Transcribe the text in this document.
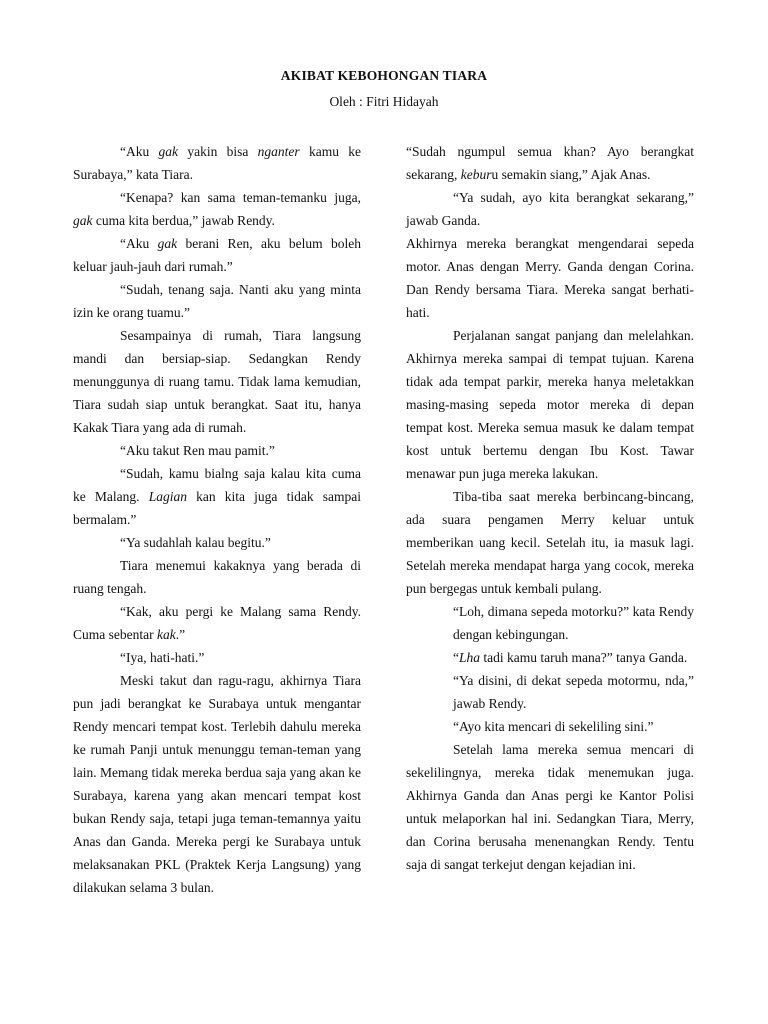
AKIBAT KEBOHONGAN TIARA
Oleh : Fitri Hidayah

“Aku gak yakin bisa nganter kamu ke Surabaya,” kata Tiara.

“Kenapa? kan sama teman-temanku juga, gak cuma kita berdua,” jawab Rendy.

“Aku gak berani Ren, aku belum boleh keluar jauh-jauh dari rumah.”

“Sudah, tenang saja. Nanti aku yang minta izin ke orang tuamu.”

Sesampainya di rumah, Tiara langsung mandi dan bersiap-siap. Sedangkan Rendy menunggunya di ruang tamu. Tidak lama kemudian, Tiara sudah siap untuk berangkat. Saat itu, hanya Kakak Tiara yang ada di rumah.

“Aku takut Ren mau pamit.”

“Sudah, kamu bialng saja kalau kita cuma ke Malang. Lagian kan kita juga tidak sampai bermalam.”

“Ya sudahlah kalau begitu.”

Tiara menemui kakaknya yang berada di ruang tengah.

“Kak, aku pergi ke Malang sama Rendy. Cuma sebentar kak.”

“Iya, hati-hati.”

Meski takut dan ragu-ragu, akhirnya Tiara pun jadi berangkat ke Surabaya untuk mengantar Rendy mencari tempat kost. Terlebih dahulu mereka ke rumah Panji untuk menunggu teman-teman yang lain. Memang tidak mereka berdua saja yang akan ke Surabaya, karena yang akan mencari tempat kost bukan Rendy saja, tetapi juga teman-temannya yaitu Anas dan Ganda. Mereka pergi ke Surabaya untuk melaksanakan PKL (Praktek Kerja Langsung) yang dilakukan selama 3 bulan.

“Sudah ngumpul semua khan? Ayo berangkat sekarang, keburu semakin siang,” Ajak Anas.

“Ya sudah, ayo kita berangkat sekarang,” jawab Ganda.

Akhirnya mereka berangkat mengendarai sepeda motor. Anas dengan Merry. Ganda dengan Corina. Dan Rendy bersama Tiara. Mereka sangat berhati-hati.

Perjalanan sangat panjang dan melelahkan. Akhirnya mereka sampai di tempat tujuan. Karena tidak ada tempat parkir, mereka hanya meletakkan masing-masing sepeda motor mereka di depan tempat kost. Mereka semua masuk ke dalam tempat kost untuk bertemu dengan Ibu Kost. Tawar menawar pun juga mereka lakukan.

Tiba-tiba saat mereka berbincang-bincang, ada suara pengamen Merry keluar untuk memberikan uang kecil. Setelah itu, ia masuk lagi. Setelah mereka mendapat harga yang cocok, mereka pun bergegas untuk kembali pulang.

“Loh, dimana sepeda motorku?” kata Rendy dengan kebingungan.

“Lha tadi kamu taruh mana?” tanya Ganda.

“Ya disini, di dekat sepeda motormu, nda,” jawab Rendy.

“Ayo kita mencari di sekeliling sini.”

Setelah lama mereka semua mencari di sekelilingnya, mereka tidak menemukan juga. Akhirnya Ganda dan Anas pergi ke Kantor Polisi untuk melaporkan hal ini. Sedangkan Tiara, Merry, dan Corina berusaha menenangkan Rendy. Tentu saja di sangat terkejut dengan kejadian ini.
